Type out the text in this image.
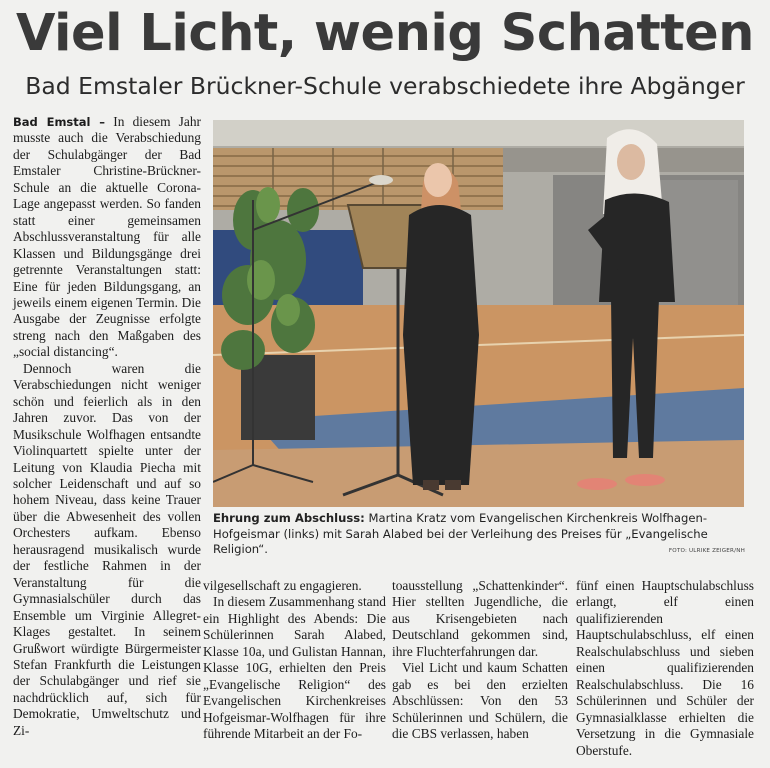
Viel Licht, wenig Schatten
Bad Emstaler Brückner-Schule verabschiedete ihre Abgänger

Bad Emstal – In diesem Jahr musste auch die Verabschiedung der Schulabgänger der Bad Emstaler Christine-Brückner-Schule an die aktuelle Corona-Lage angepasst werden. So fanden statt einer gemeinsamen Abschlussveranstaltung für alle Klassen und Bildungsgänge drei getrennte Veranstaltungen statt: Eine für jeden Bildungsgang, an jeweils einem eigenen Termin. Die Ausgabe der Zeugnisse erfolgte streng nach den Maßgaben des „social distancing“.

Dennoch waren die Verabschiedungen nicht weniger schön und feierlich als in den Jahren zuvor. Das von der Musikschule Wolfhagen entsandte Violinquartett spielte unter der Leitung von Klaudia Piecha mit solcher Leidenschaft und auf so hohem Niveau, dass keine Trauer über die Abwesenheit des vollen Orchesters aufkam. Ebenso herausragend musikalisch wurde der festliche Rahmen in der Veranstaltung für die Gymnasialschüler durch das Ensemble um Virginie Allegret-Klages gestaltet. In seinem Grußwort würdigte Bürgermeister Stefan Frankfurth die Leistungen der Schulabgänger und rief sie nachdrücklich auf, sich für Demokratie, Umweltschutz und Zi-

Ehrung zum Abschluss: Martina Kratz vom Evangelischen Kirchenkreis Wolfhagen-Hofgeismar (links) mit Sarah Alabed bei der Verleihung des Preises für „Evangelische Religion“.	FOTO: ULRIKE ZEIGER/NH

vilgesellschaft zu engagieren.

In diesem Zusammenhang stand ein Highlight des Abends: Die Schülerinnen Sarah Alabed, Klasse 10a, und Gulistan Hannan, Klasse 10G, erhielten den Preis „Evangelische Religion“ des Evangelischen Kirchenkreises Hofgeismar-Wolfhagen für ihre führende Mitarbeit an der Fo-

toausstellung „Schattenkinder“. Hier stellten Jugendliche, die aus Krisengebieten nach Deutschland gekommen sind, ihre Fluchterfahrungen dar.

Viel Licht und kaum Schatten gab es bei den erzielten Abschlüssen: Von den 53 Schülerinnen und Schülern, die die CBS verlassen, haben

fünf einen Hauptschulabschluss erlangt, elf einen qualifizierenden Hauptschulabschluss, elf einen Realschulabschluss und sieben einen qualifizierenden Realschulabschluss. Die 16 Schülerinnen und Schüler der Gymnasialklasse erhielten die Versetzung in die Gymnasiale Oberstufe.
